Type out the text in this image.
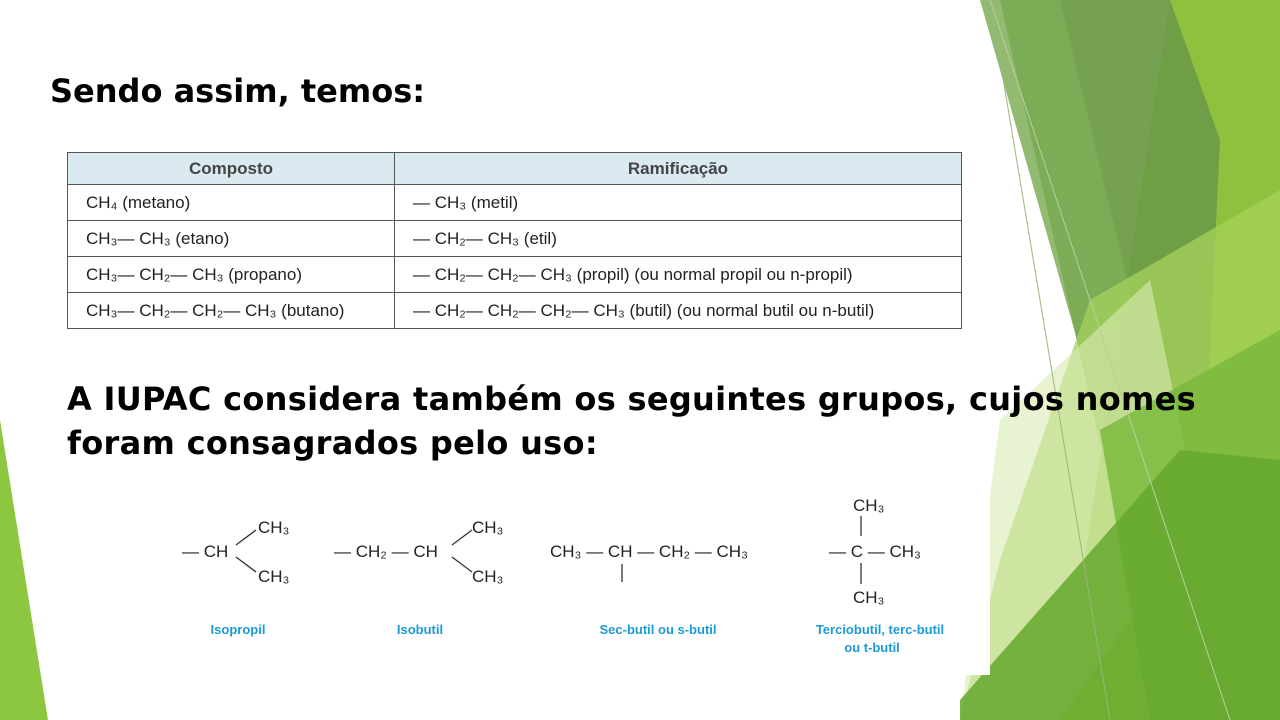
Sendo assim, temos:
Composto	Ramificação
CH₄ (metano)	— CH₃ (metil)
CH₃— CH₃ (etano)	— CH₂— CH₃ (etil)
CH₃— CH₂— CH₃ (propano)	— CH₂— CH₂— CH₃ (propil) (ou normal propil ou n-propil)
CH₃— CH₂— CH₂— CH₃ (butano)	— CH₂— CH₂— CH₂— CH₃ (butil) (ou normal butil ou n-butil)
A IUPAC considera também os seguintes grupos, cujos nomes foram consagrados pelo uso:
— CH
CH₃
CH₃
Isopropil
— CH₂ — CH
CH₃
CH₃
Isobutil
CH₃ — CH — CH₂ — CH₃
Sec-butil ou s-butil
CH₃
— C — CH₃
CH₃
Terciobutil, terc-butil
ou t-butil
